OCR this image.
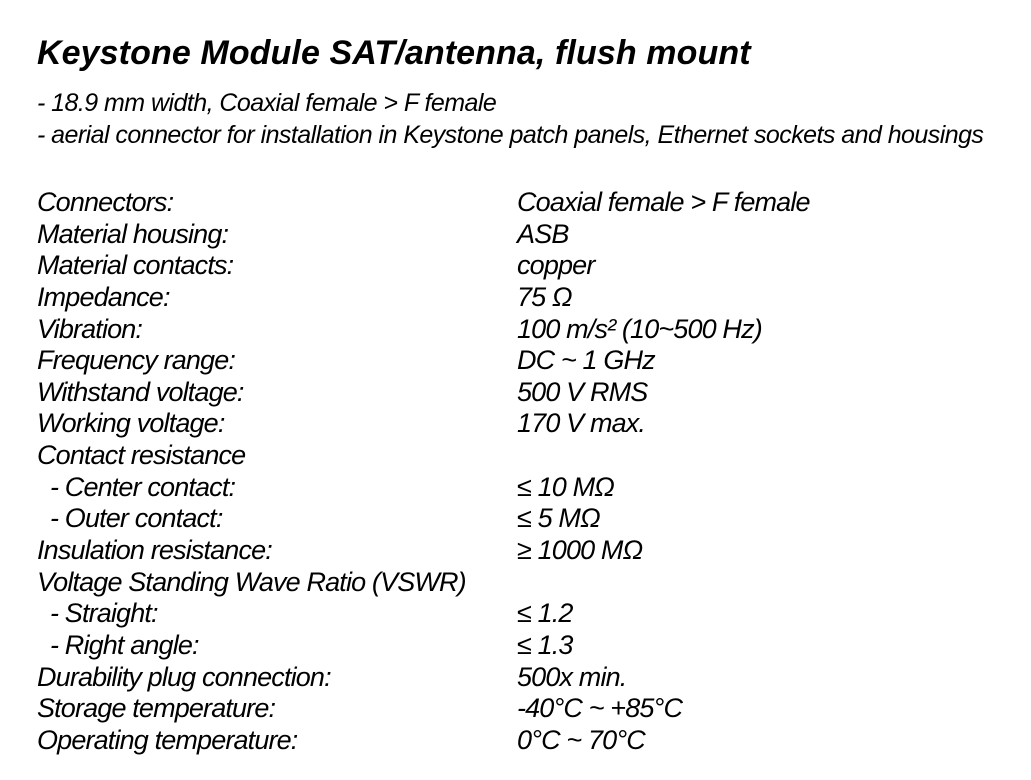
Keystone Module SAT/antenna, flush mount
- 18.9 mm width, Coaxial female > F female
- aerial connector for installation in Keystone patch panels, Ethernet sockets and housings
Connectors:	Coaxial female > F female
Material housing:	ASB
Material contacts:	copper
Impedance:	75 Ω
Vibration:	100 m/s² (10~500 Hz)
Frequency range:	DC ~ 1 GHz
Withstand voltage:	500 V RMS
Working voltage:	170 V max.
Contact resistance
- Center contact:	≤ 10 MΩ
- Outer contact:	≤ 5 MΩ
Insulation resistance:	≥ 1000 MΩ
Voltage Standing Wave Ratio (VSWR)
- Straight:	≤ 1.2
- Right angle:	≤ 1.3
Durability plug connection:	500x min.
Storage temperature:	-40°C ~ +85°C
Operating temperature:	0°C ~ 70°C
